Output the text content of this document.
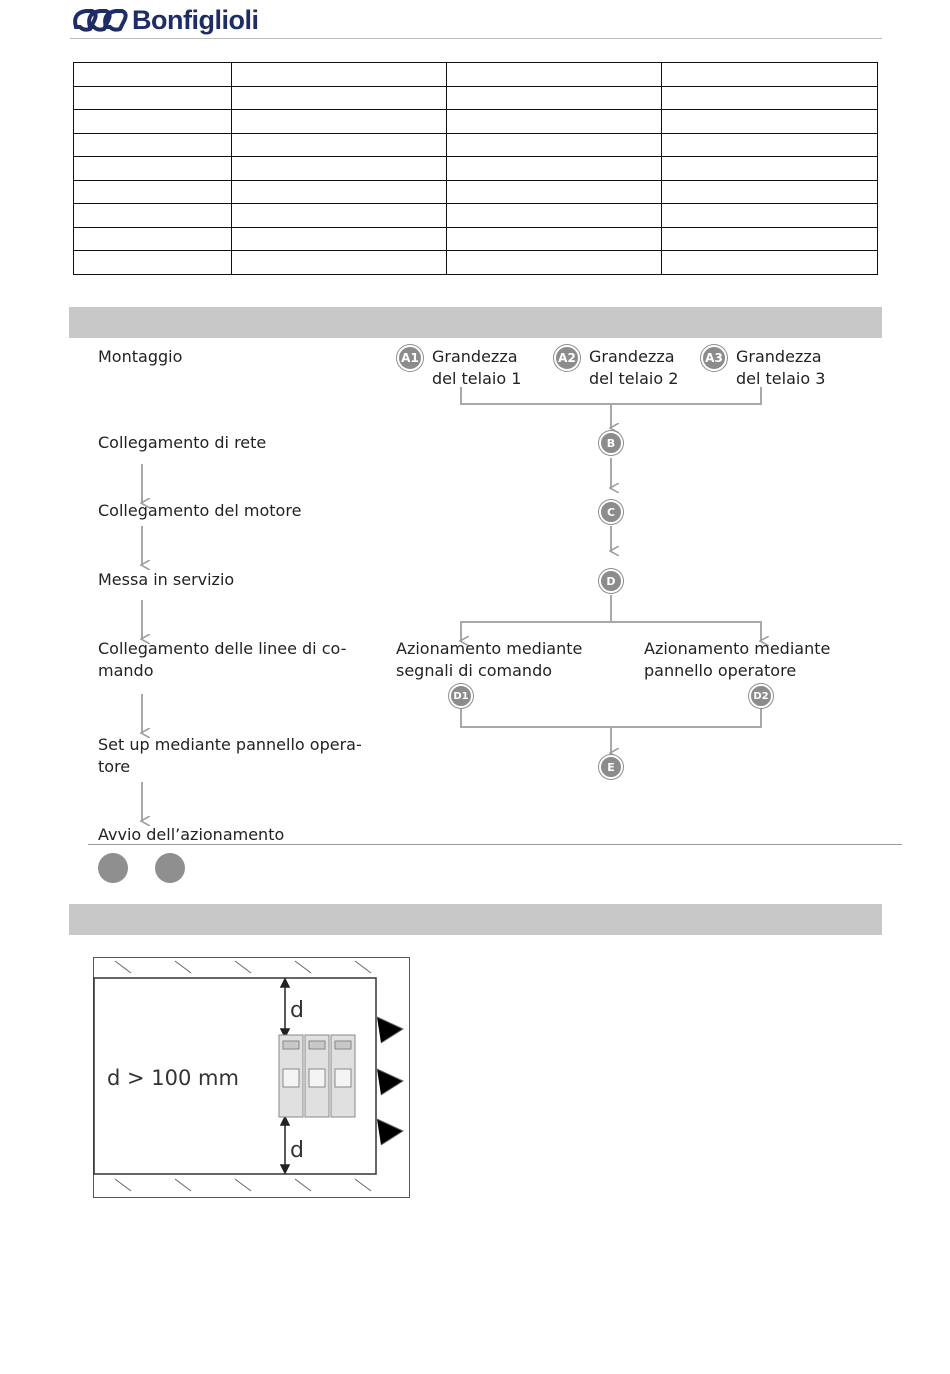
Bonfiglioli

Montaggio
Collegamento di rete
Collegamento del motore
Messa in servizio
Collegamento delle linee di co-
mando
Set up mediante pannello opera-
tore
Avvio dell’azionamento
A1 Grandezza
del telaio 1
A2 Grandezza
del telaio 2
A3 Grandezza
del telaio 3
B
C
D
E
Azionamento mediante
segnali di comando
D1
Azionamento mediante
pannello operatore
D2
d
d
d > 100 mm
